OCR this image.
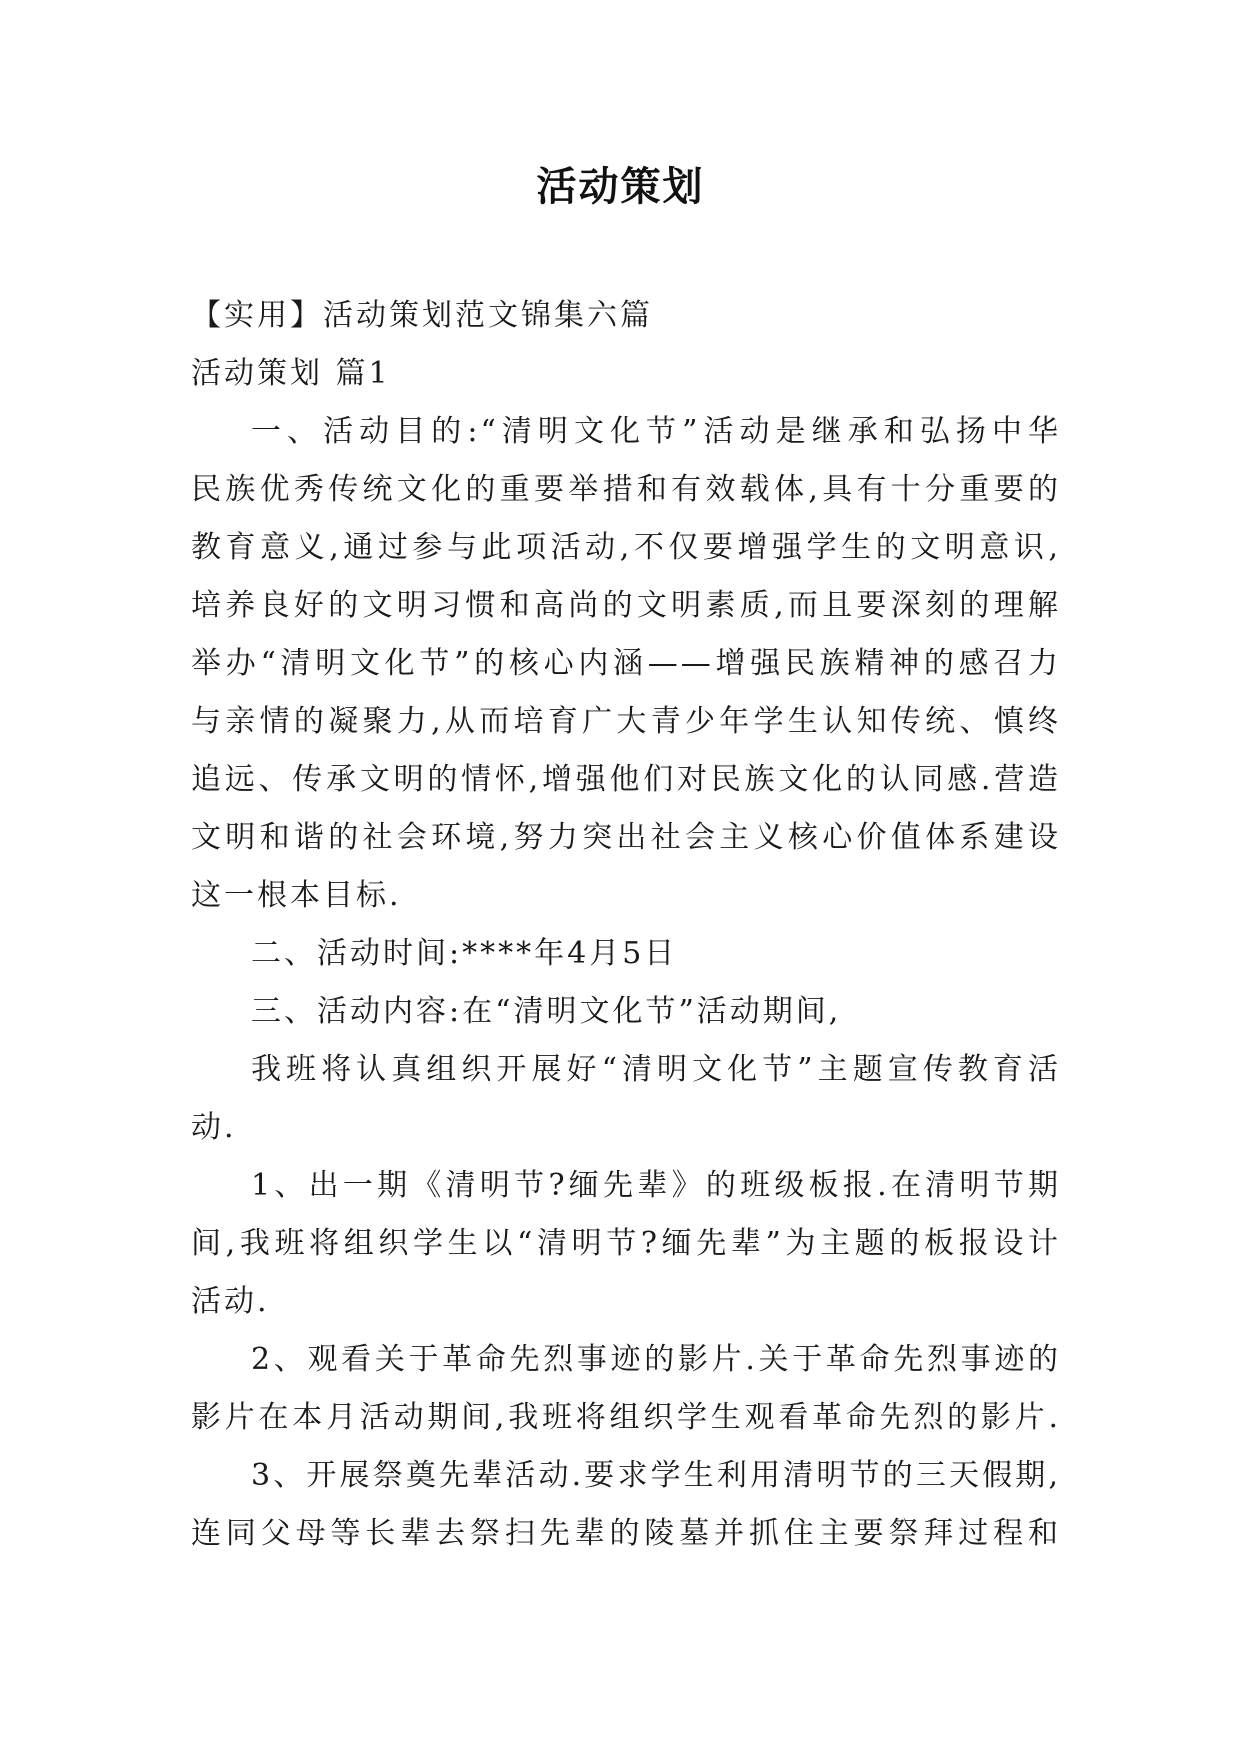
活动策划
【实用】活动策划范文锦集六篇
活动策划 篇1
一、活动目的:“清明文化节”活动是继承和弘扬中华
民族优秀传统文化的重要举措和有效载体,具有十分重要的
教育意义,通过参与此项活动,不仅要增强学生的文明意识,
培养良好的文明习惯和高尚的文明素质,而且要深刻的理解
举办“清明文化节”的核心内涵——增强民族精神的感召力
与亲情的凝聚力,从而培育广大青少年学生认知传统、慎终
追远、传承文明的情怀,增强他们对民族文化的认同感.营造
文明和谐的社会环境,努力突出社会主义核心价值体系建设
这一根本目标.
二、活动时间:****年4月5日
三、活动内容:在“清明文化节”活动期间,
我班将认真组织开展好“清明文化节”主题宣传教育活
动.
1、出一期《清明节?缅先辈》的班级板报.在清明节期
间,我班将组织学生以“清明节?缅先辈”为主题的板报设计
活动.
2、观看关于革命先烈事迹的影片.关于革命先烈事迹的
影片在本月活动期间,我班将组织学生观看革命先烈的影片.
3、开展祭奠先辈活动.要求学生利用清明节的三天假期,
连同父母等长辈去祭扫先辈的陵墓并抓住主要祭拜过程和
